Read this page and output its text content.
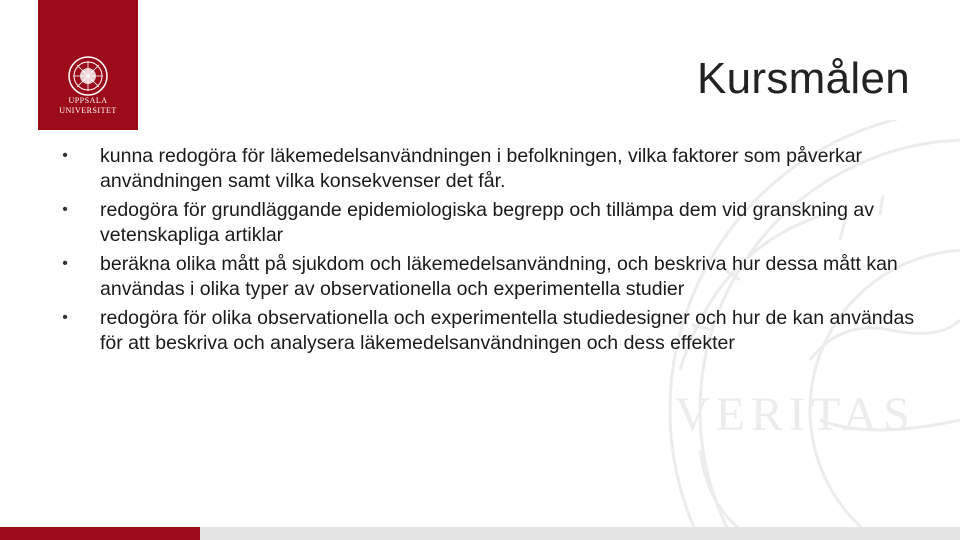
VERITAS
UPPSALA
UNIVERSITET
Kursmålen
• kunna redogöra för läkemedelsanvändningen i befolkningen, vilka faktorer som påverkar användningen samt vilka konsekvenser det får.
• redogöra för grundläggande epidemiologiska begrepp och tillämpa dem vid granskning av vetenskapliga artiklar
• beräkna olika mått på sjukdom och läkemedelsanvändning, och beskriva hur dessa mått kan användas i olika typer av observationella och experimentella studier
• redogöra för olika observationella och experimentella studiedesigner och hur de kan användas för att beskriva och analysera läkemedelsanvändningen och dess effekter
